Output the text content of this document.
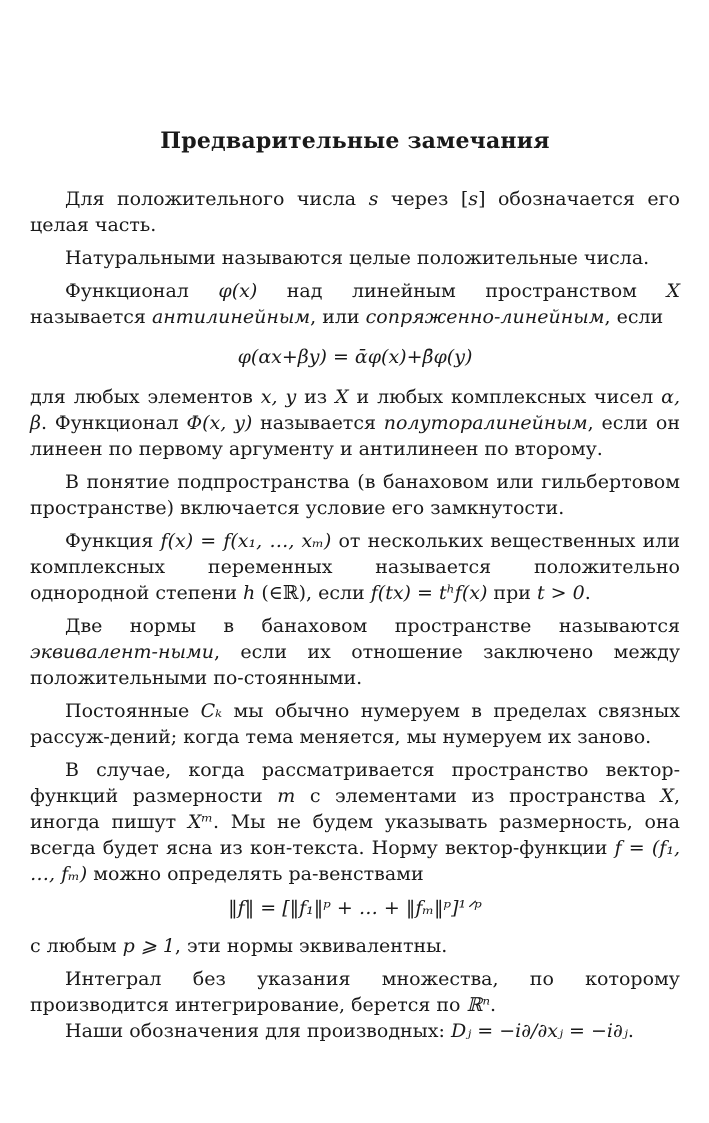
Предварительные замечания

Для положительного числа s через [s] обозначается его целая часть.

Натуральными называются целые положительные числа.

Функционал φ(x) над линейным пространством X называется антилинейным, или сопряженно-линейным, если

φ(αx+βy) = ᾱφ(x)+β̄φ(y)

для любых элементов x, y из X и любых комплексных чисел α, β. Функционал Φ(x, y) называется полуторалинейным, если он линеен по первому аргументу и антилинеен по второму.

В понятие подпространства (в банаховом или гильбертовом пространстве) включается условие его замкнутости.

Функция f(x) = f(x₁, …, xₘ) от нескольких вещественных или комплексных переменных называется положительно однородной степени h (∈ℝ), если f(tx) = tʰf(x) при t > 0.

Две нормы в банаховом пространстве называются эквивалент-ными, если их отношение заключено между положительными по-стоянными.

Постоянные Cₖ мы обычно нумеруем в пределах связных рассуж-дений; когда тема меняется, мы нумеруем их заново.

В случае, когда рассматривается пространство вектор-функций размерности m с элементами из пространства X, иногда пишут Xᵐ. Мы не будем указывать размерность, она всегда будет ясна из кон-текста. Норму вектор-функции f = (f₁, …, fₘ) можно определять ра-венствами

‖f‖ = [‖f₁‖ᵖ + … + ‖fₘ‖ᵖ]¹ᐟᵖ

с любым p ⩾ 1, эти нормы эквивалентны.

Интеграл без указания множества, по которому производится интегрирование, берется по ℝⁿ.

Наши обозначения для производных: Dⱼ = −i∂/∂xⱼ = −i∂ⱼ.
